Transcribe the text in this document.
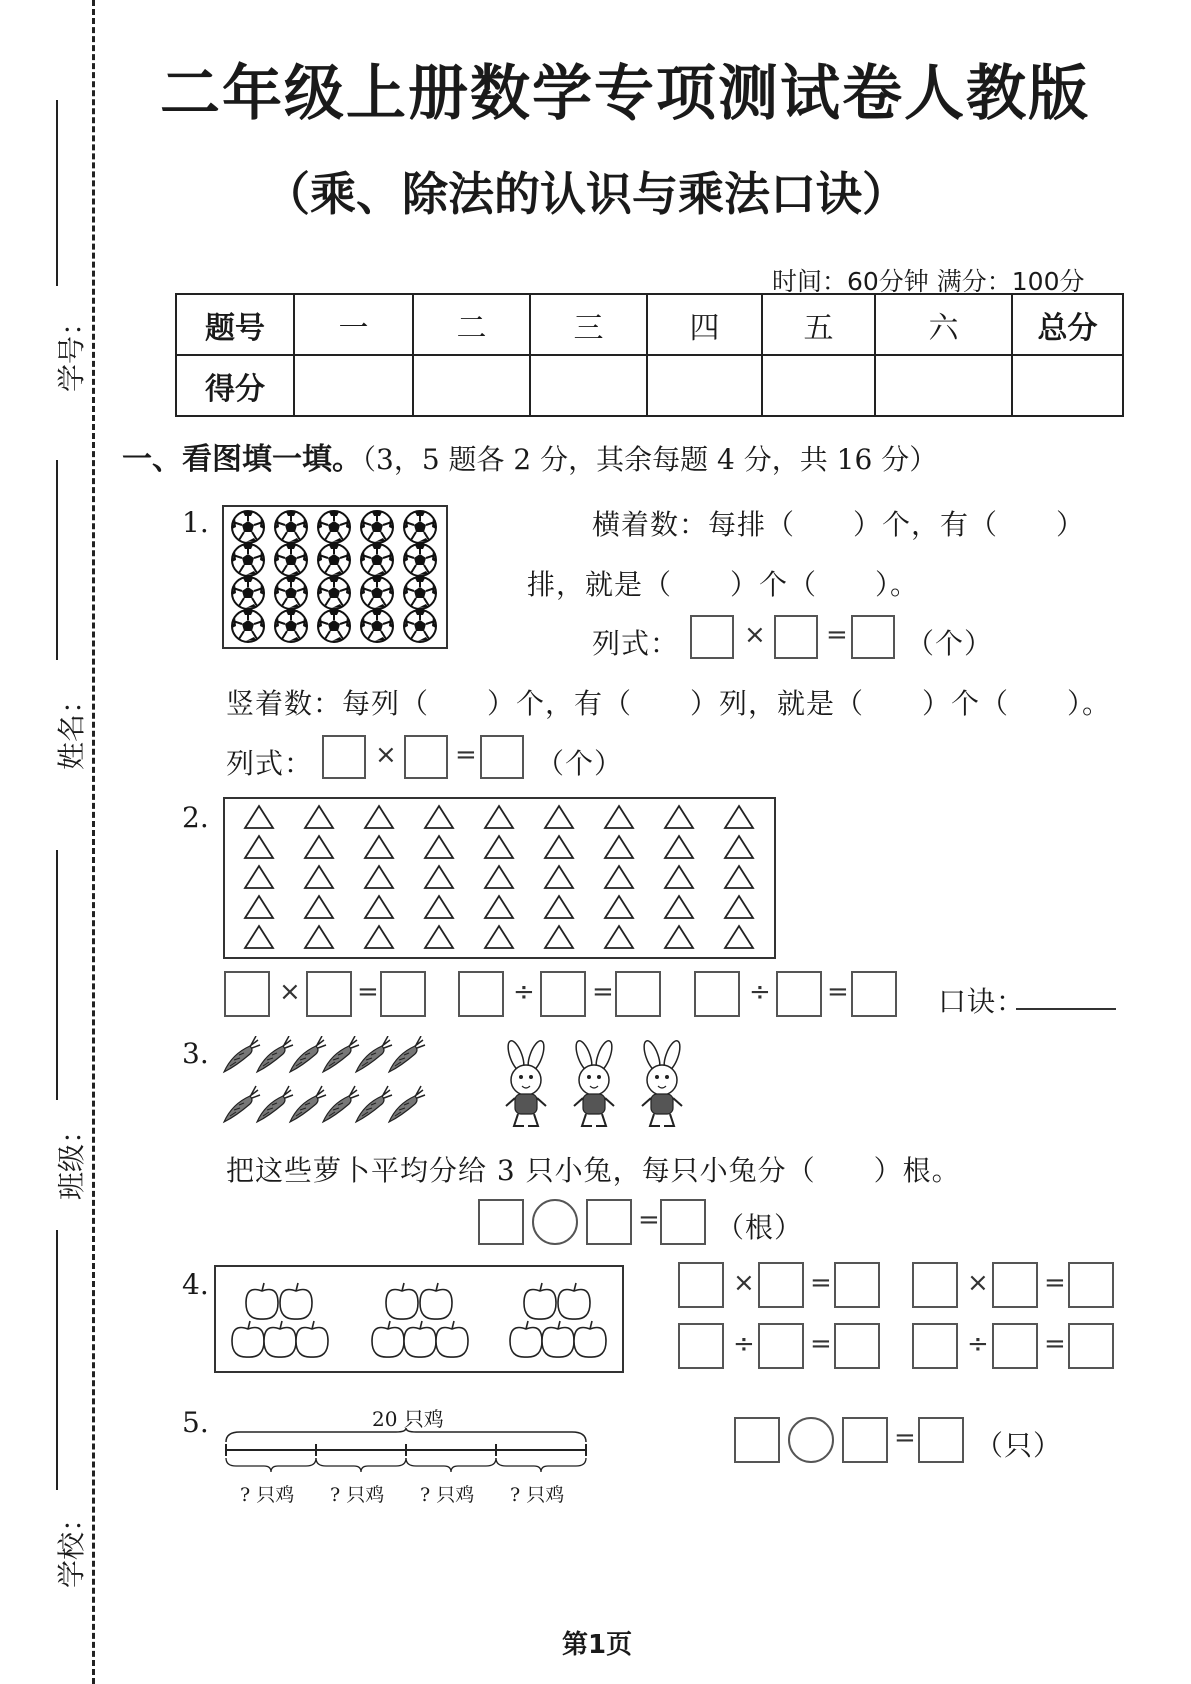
学号：
姓名：
班级：
学校：
二年级上册数学专项测试卷人教版
（乘、除法的认识与乘法口诀）
时间：60分钟 满分：100分
题号	一	二	三	四	五	六	总分
得分							
一、看图填一填。（3，5 题各 2 分，其余每题 4 分，共 16 分）
1.	横着数：每排（　　）个，有（　　）
排，就是（　　）个（　　）。
列式： × = （个）
竖着数：每列（　　）个，有（　　）列，就是（　　）个（　　）。
列式： × = （个）
2.
× =	÷ =	÷ =	口诀：
3.
把这些萝卜平均分给 3 只小兔，每只小兔分（　　）根。
= （根）
4.	× =	× =
÷ =	÷ =
5.	20 只鸡
? 只鸡 ? 只鸡 ? 只鸡 ? 只鸡
= （只）
第1页
